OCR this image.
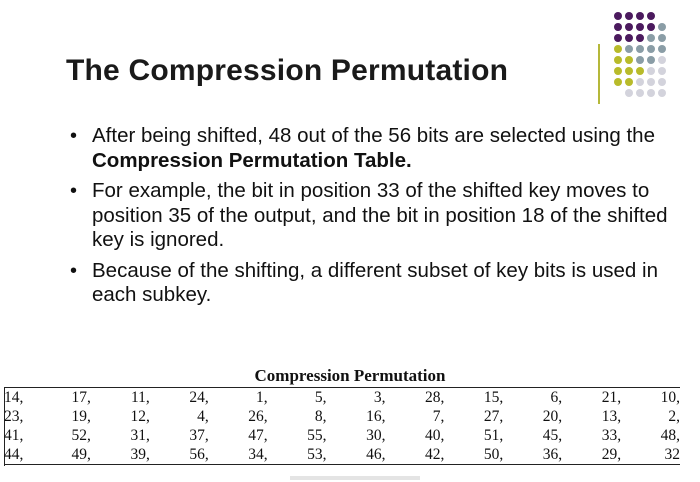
The Compression Permutation
• After being shifted, 48 out of the 56 bits are selected using the Compression Permutation Table.
• For example, the bit in position 33 of the shifted key moves to position 35 of the output, and the bit in position 18 of the shifted key is ignored.
• Because of the shifting, a different subset of key bits is used in each subkey.
Compression Permutation
14,	17,	11,	24,	1,	5,	3,	28,	15,	6,	21,	10,
23,	19,	12,	4,	26,	8,	16,	7,	27,	20,	13,	2,
41,	52,	31,	37,	47,	55,	30,	40,	51,	45,	33,	48,
44,	49,	39,	56,	34,	53,	46,	42,	50,	36,	29,	32
